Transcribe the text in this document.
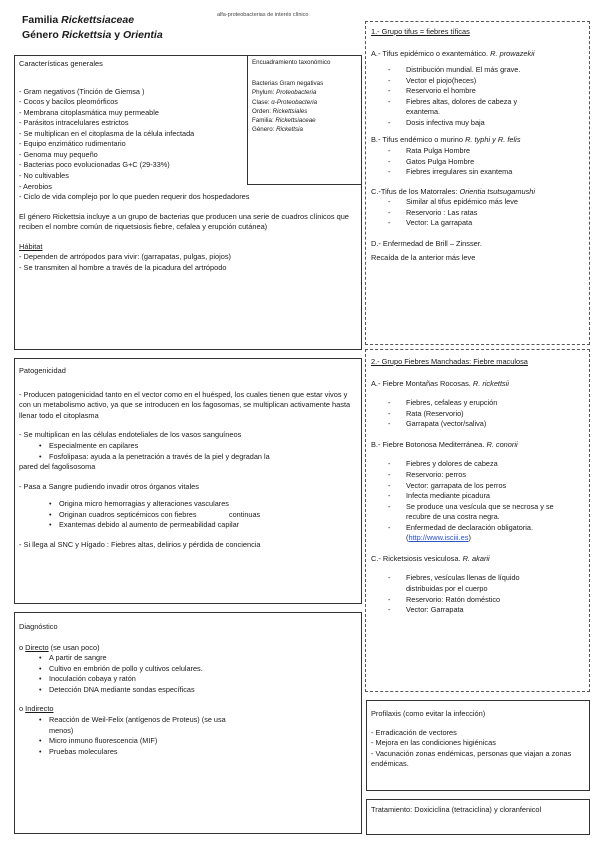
Familia Rickettsiaceae
Género Rickettsia y Orientia
alfa-proteobacterias de interés clínico
Características generales
- Gram negativos (Tinción de Giemsa )
- Cocos y bacilos pleomórficos
- Membrana citoplasmática muy permeable
- Parásitos intracelulares estrictos
- Se multiplican en el citoplasma de la célula infectada
- Equipo enzimático rudimentario
- Genoma muy pequeño
- Bacterias poco evolucionadas G+C (29-33%)
- No cultivables
- Aerobios
- Ciclo de vida complejo por lo que pueden requerir dos hospedadores

El género Rickettsia incluye a un grupo de bacterias que producen una serie de cuadros clínicos que reciben el nombre común de riquetsiosis fiebre, cefalea y erupción cutánea)

Hábitat
- Dependen de artrópodos para vivir: (garrapatas, pulgas, piojos)
- Se transmiten al hombre a través de la picadura del artrópodo

Encuadramiento taxonómico

Bacterias Gram negativas

Phylum: Proteobacteria

Clase: α-Proteobacteria

Orden: Rickettsiales

Familia: Rickettsiaceae

Género: Rickettsia

Patogenicidad

- Producen patogenicidad tanto en el vector como en el huésped, los cuales tienen que estar vivos y con un metabolismo activo, ya que se introducen en los fagosomas, se multiplican activamente hasta llenar todo el citoplasma

- Se multiplican en las células endoteliales de los vasos sanguíneos

• Especialmente en capilares
• Fosfolipasa: ayuda a la penetración a través de la piel y degradan la

pared del fagolisosoma

- Pasa a Sangre pudiendo invadir otros órganos vitales

• Origina micro hemorragias y alteraciones vasculares
• Originan cuadros septicémicos con fiebres                continuas
• Exantemas debido al aumento de permeabilidad capilar

- Si llega al SNC y Hígado : Fiebres altas, delirios y pérdida de conciencia

Diagnóstico
o Directo (se usan poco)
• A partir de sangre
• Cultivo en embrión de pollo y cultivos celulares.
• Inoculación cobaya y ratón
• Detección DNA mediante sondas específicas
o Indirecto
• Reacción de Weil-Felix (antígenos de Proteus) (se usa menos)
• Micro inmuno fluorescencia (MIF)
• Pruebas moleculares
1.- Grupo tifus = fiebres tíficas
A.- Tifus epidémico o exantemático. R. prowazekii
- Distribución mundial. El más grave.
- Vector el piojo(heces)
- Reservorio el hombre
- Fiebres altas, dolores de cabeza y exantema.
- Dosis infectiva muy baja
B.- Tifus endémico o murino R. typhi y R. felis
- Rata Pulga Hombre
- Gatos Pulga Hombre
- Fiebres irregulares sin exantema
C.-Tifus de los Matorrales: Orientia tsutsugamushi
- Similar al tifus epidémico más leve
- Reservorio : Las ratas
- Vector: La garrapata
D.- Enfermedad de Brill – Zinsser.
Recaída de la anterior más leve
2.- Grupo Fiebres Manchadas: Fiebre maculosa
A.- Fiebre Montañas Rocosas. R. rickettsii
- Fiebres, cefaleas y erupción
- Rata (Reservorio)
- Garrapata (vector/saliva)
B.- Fiebre Botonosa Mediterránea. R. conorii
- Fiebres y dolores de cabeza
- Reservorio: perros
- Vector: garrapata de los perros
- Infecta mediante picadura
- Se produce una vesícula que se necrosa y se recubre de una costra negra.
- Enfermedad de declaración obligatoria.
(http://www.isciii.es)
C.- Ricketsiosis vesiculosa. R. akarii
- Fiebres, vesículas llenas de líquido distribuidas por el cuerpo
- Reservorio: Ratón doméstico
- Vector: Garrapata
Profilaxis (como evitar la infección)
- Erradicación de vectores
- Mejora en las condiciones higiénicas
- Vacunación zonas endémicas, personas que viajan a zonas endémicas.
Tratamiento: Doxiciclina (tetraciclina) y cloranfenicol
